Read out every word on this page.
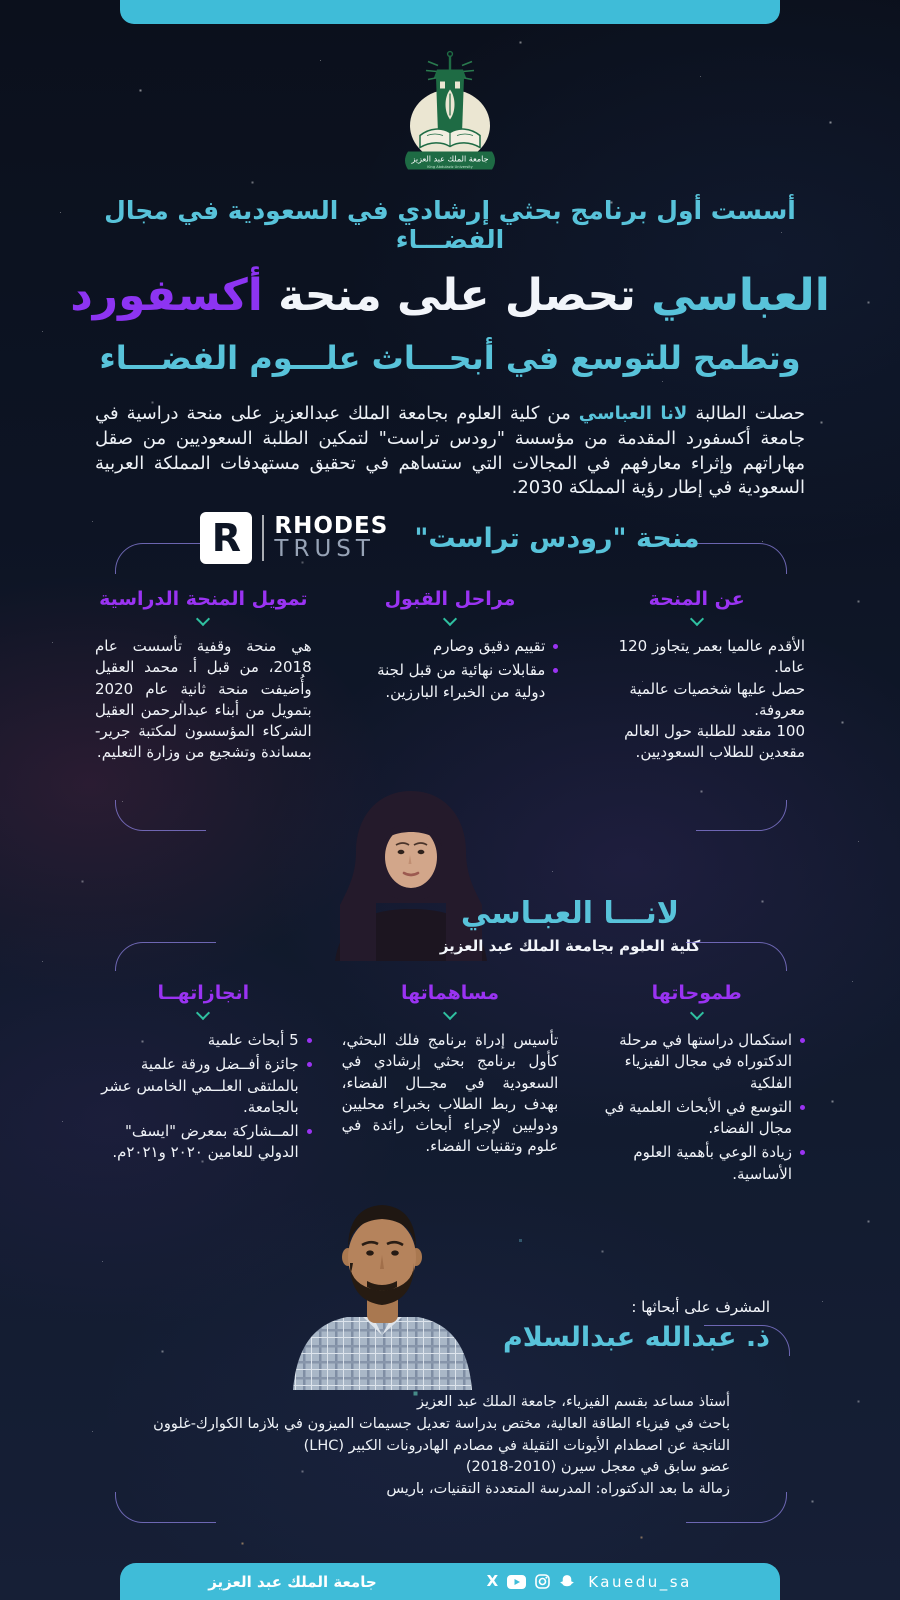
جامعة الملك عبد العزيز
King Abdulaziz University
أسست أول برنامج بحثي إرشادي في السعودية في مجال الفضـــاء
العباسي تحصل على منحة أكسفورد
وتطمح للتوسع في أبحـــاث علـــوم الفضـــاء

حصلت الطالبة لانا العباسي من كلية العلوم بجامعة الملك عبدالعزيز على منحة دراسية في جامعة أكسفورد المقدمة من مؤسسة "رودس تراست" لتمكين الطلبة السعوديين من صقل مهاراتهم وإثراء معارفهم في المجالات التي ستساهم في تحقيق مستهدفات المملكة العربية السعودية في إطار رؤية المملكة 2030.

منحة "رودس تراست"
R RHODES
TRUST
عن المنحة
الأقدم عالميا بعمر يتجاوز 120 عاما.
حصل عليها شخصيات عالمية معروفة.
100 مقعد للطلبة حول العالم مقعدين للطلاب السعوديين.
مراحل القبول
تقييم دقيق وصارم
مقابلات نهائية من قبل لجنة دولية من الخبراء البارزين.
تمويل المنحة الدراسية
هي منحة وقفية تأسست عام 2018، من قبل أ. محمد العقيل وأُضيفت منحة ثانية عام 2020 بتمويل من أبناء عبدالرحمن العقيل الشركاء المؤسسون لمكتبة جرير- بمساندة وتشجيع من وزارة التعليم.
لانـــا العبـاسي
كلية العلوم بجامعة الملك عبد العزيز
طموحاتها
استكمال دراستها في مرحلة الدكتوراه في مجال الفيزياء الفلكية
التوسع في الأبحاث العلمية في مجال الفضاء.
زيادة الوعي بأهمية العلوم الأساسية.
مساهماتها
تأسيس إدراة برنامج فلك البحثي، كأول برنامج بحثي إرشادي في السعودية في مجــال الفضاء، بهدف ربط الطلاب بخبراء محليين ودوليين لإجراء أبحاث رائدة في علوم وتقنيات الفضاء.
انجازاتهــا
5 أبحاث علمية
جائزة أفــضل ورقة علمية بالملتقى العلــمي الخامس عشر بالجامعة.
المــشاركة بمعرض "ايسف" الدولي للعامين ٢٠٢٠ و٢٠٢١م.
المشرف على أبحاثها :
ذ. عبدالله عبدالسلام
أستاذ مساعد بقسم الفيزياء، جامعة الملك عبد العزيز
باحث في فيزياء الطاقة العالية، مختص بدراسة تعديل جسيمات الميزون في بلازما الكوارك-غلوون
الناتجة عن اصطدام الأيونات الثقيلة في مصادم الهادرونات الكبير (LHC)
عضو سابق في معجل سيرن (2010-2018)
زمالة ما بعد الدكتوراه: المدرسة المتعددة التقنيات، باريس
جامعة الملك عبد العزيز	X	Kauedu_sa
